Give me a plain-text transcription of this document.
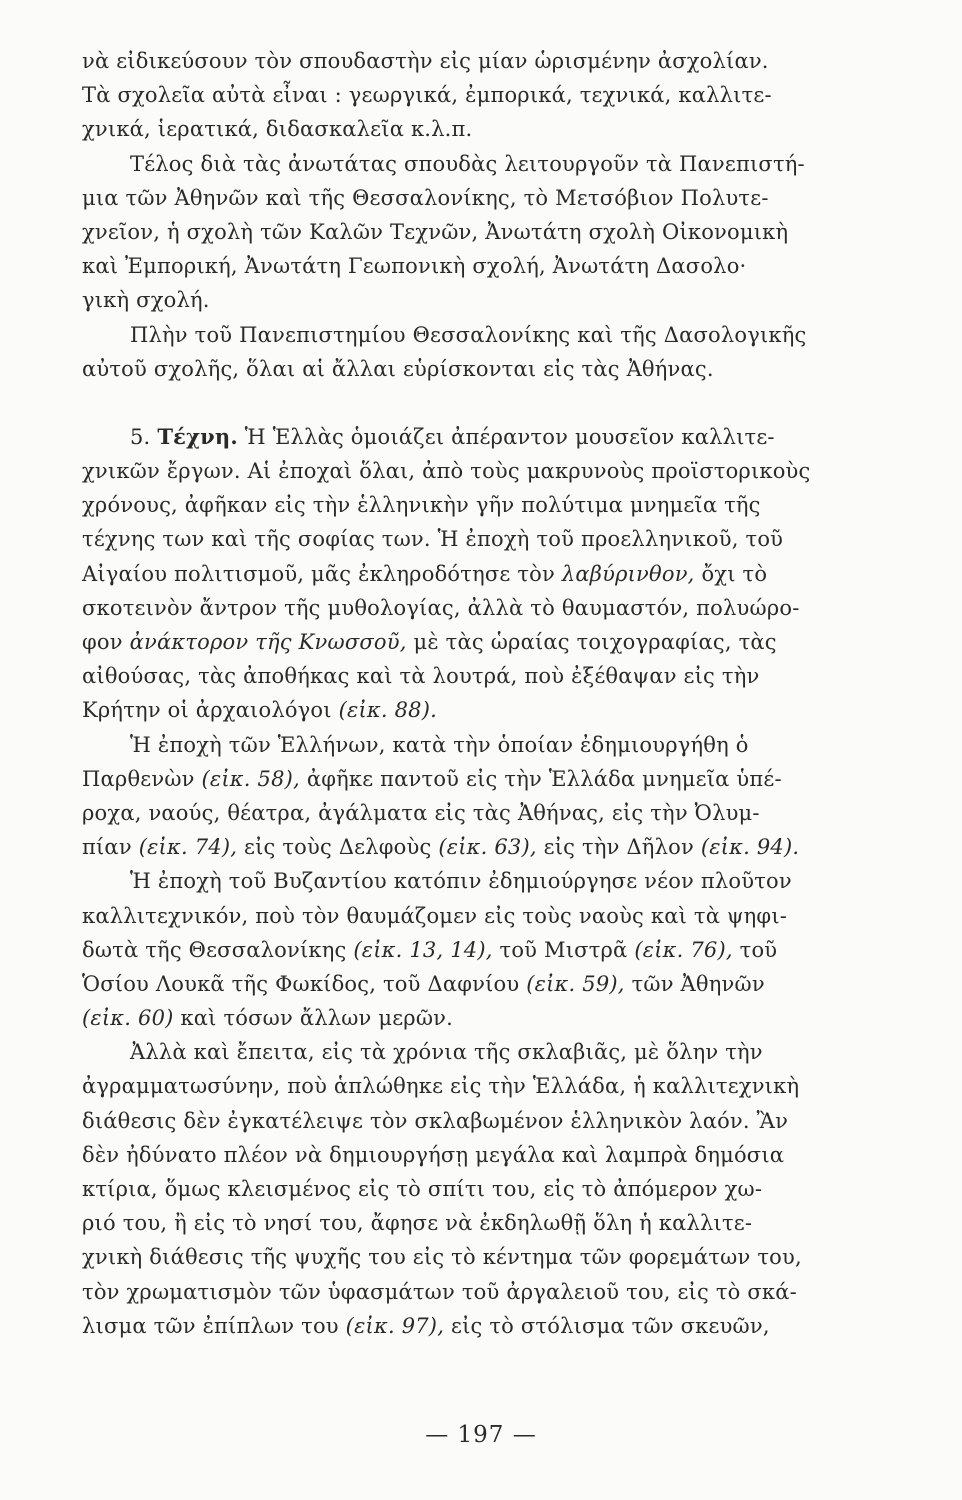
νὰ εἰδικεύσουν τὸν σπουδαστὴν εἰς μίαν ὡρισμένην ἀσχολίαν.
Τὰ σχολεῖα αὐτὰ εἶναι : γεωργικά, ἐμπορικά, τεχνικά, καλλιτε-
χνικά, ἱερατικά, διδασκαλεῖα κ.λ.π.
Τέλος διὰ τὰς ἀνωτάτας σπουδὰς λειτουργοῦν τὰ Πανεπιστή-
μια τῶν Ἀθηνῶν καὶ τῆς Θεσσαλονίκης, τὸ Μετσόβιον Πολυτε-
χνεῖον, ἡ σχολὴ τῶν Καλῶν Τεχνῶν, Ἀνωτάτη σχολὴ Οἰκονομικὴ
καὶ Ἐμπορική, Ἀνωτάτη Γεωπονικὴ σχολή, Ἀνωτάτη Δασολο·
γικὴ σχολή.
Πλὴν τοῦ Πανεπιστημίου Θεσσαλονίκης καὶ τῆς Δασολογικῆς
αὐτοῦ σχολῆς, ὅλαι αἱ ἄλλαι εὑρίσκονται εἰς τὰς Ἀθήνας.
5. Τέχνη. Ἡ Ἑλλὰς ὁμοιάζει ἀπέραντον μουσεῖον καλλιτε-
χνικῶν ἔργων. Αἱ ἐποχαὶ ὅλαι, ἀπὸ τοὺς μακρυνοὺς προϊστορικοὺς
χρόνους, ἀφῆκαν εἰς τὴν ἑλληνικὴν γῆν πολύτιμα μνημεῖα τῆς
τέχνης των καὶ τῆς σοφίας των. Ἡ ἐποχὴ τοῦ προελληνικοῦ, τοῦ
Αἰγαίου πολιτισμοῦ, μᾶς ἐκληροδότησε τὸν λαβύρινθον, ὄχι τὸ
σκοτεινὸν ἄντρον τῆς μυθολογίας, ἀλλὰ τὸ θαυμαστόν, πολυώρο-
φον ἀνάκτορον τῆς Κνωσσοῦ, μὲ τὰς ὡραίας τοιχογραφίας, τὰς
αἰθούσας, τὰς ἀποθήκας καὶ τὰ λουτρά, ποὺ ἐξέθαψαν εἰς τὴν
Κρήτην οἱ ἀρχαιολόγοι (εἰκ. 88).
Ἡ ἐποχὴ τῶν Ἑλλήνων, κατὰ τὴν ὁποίαν ἐδημιουργήθη ὁ
Παρθενὼν (εἰκ. 58), ἀφῆκε παντοῦ εἰς τὴν Ἑλλάδα μνημεῖα ὑπέ-
ροχα, ναούς, θέατρα, ἀγάλματα εἰς τὰς Ἀθήνας, εἰς τὴν Ὀλυμ-
πίαν (εἰκ. 74), εἰς τοὺς Δελφοὺς (εἰκ. 63), εἰς τὴν Δῆλον (εἰκ. 94).
Ἡ ἐποχὴ τοῦ Βυζαντίου κατόπιν ἐδημιούργησε νέον πλοῦτον
καλλιτεχνικόν, ποὺ τὸν θαυμάζομεν εἰς τοὺς ναοὺς καὶ τὰ ψηφι-
δωτὰ τῆς Θεσσαλονίκης (εἰκ. 13, 14), τοῦ Μιστρᾶ (εἰκ. 76), τοῦ
Ὁσίου Λουκᾶ τῆς Φωκίδος, τοῦ Δαφνίου (εἰκ. 59), τῶν Ἀθηνῶν
(εἰκ. 60) καὶ τόσων ἄλλων μερῶν.
Ἀλλὰ καὶ ἔπειτα, εἰς τὰ χρόνια τῆς σκλαβιᾶς, μὲ ὅλην τὴν
ἀγραμματωσύνην, ποὺ ἁπλώθηκε εἰς τὴν Ἑλλάδα, ἡ καλλιτεχνικὴ
διάθεσις δὲν ἐγκατέλειψε τὸν σκλαβωμένον ἑλληνικὸν λαόν. Ἂν
δὲν ἠδύνατο πλέον νὰ δημιουργήσῃ μεγάλα καὶ λαμπρὰ δημόσια
κτίρια, ὅμως κλεισμένος εἰς τὸ σπίτι του, εἰς τὸ ἀπόμερον χω-
ριό του, ἢ εἰς τὸ νησί του, ἄφησε νὰ ἐκδηλωθῇ ὅλη ἡ καλλιτε-
χνικὴ διάθεσις τῆς ψυχῆς του εἰς τὸ κέντημα τῶν φορεμάτων του,
τὸν χρωματισμὸν τῶν ὑφασμάτων τοῦ ἀργαλειοῦ του, εἰς τὸ σκά-
λισμα τῶν ἐπίπλων του (εἰκ. 97), εἰς τὸ στόλισμα τῶν σκευῶν,
— 197 —
